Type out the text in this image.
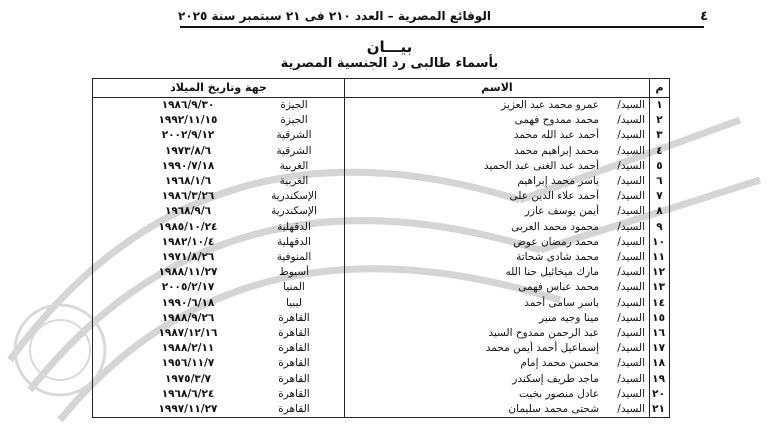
٤
الوقائع المصرية – العدد ٢١٠ فى ٢١ سبتمبر سنة ٢٠٢٥
بيـــان
بأسماء طالبى رد الجنسية المصرية
م	الاسم	جهة وتاريخ الميلاد
١	السيد/عمرو محمد عبد العزيز	الجيزة١٩٨٦/٩/٣٠
٢	السيد/محمد ممدوح فهمى	الجيزة١٩٩٢/١١/١٥
٣	السيد/أحمد عبد الله محمد	الشرقية٢٠٠٢/٩/١٢
٤	السيد/محمد إبراهيم محمد	الشرقية١٩٧٣/٨/٦
٥	السيد/أحمد عبد الغنى عبد الحميد	الغربية١٩٩٠/٧/١٨
٦	السيد/ياسر محمد إبراهيم	الغربية١٩٦٨/١/٦
٧	السيد/أحمد علاء الدين على	الإسكندرية١٩٨٦/٣/٢٦
٨	السيد/أيمن يوسف عازر	الإسكندرية١٩٦٨/٩/٦
٩	السيد/محمود محمد العربى	الدقهلية١٩٨٥/١٠/٢٤
١٠	السيد/محمد رمضان عوض	الدقهلية١٩٨٢/١٠/٤
١١	السيد/محمد شادى شحاتة	المنوفية١٩٧١/٨/٢٦
١٢	السيد/مارك ميخائيل حنا الله	أسيوط١٩٨٨/١١/٢٧
١٣	السيد/محمد عباس فهمى	المنيا٢٠٠٥/٢/١٧
١٤	السيد/ياسر سامى أحمد	ليبيا١٩٩٠/٦/١٨
١٥	السيد/مينا وجيه منير	القاهرة١٩٨٨/٩/٢٦
١٦	السيد/عبد الرحمن ممدوح السيد	القاهرة١٩٨٧/١٢/١٦
١٧	السيد/إسماعيل أحمد أيمن محمد	القاهرة١٩٨٨/٢/١١
١٨	السيد/محسن محمد إمام	القاهرة١٩٥٦/١١/٧
١٩	السيد/ماجد طريف إسكندر	القاهرة١٩٧٥/٣/٧
٢٠	السيد/عادل منصور بخيت	القاهرة١٩٦٨/٦/٢٤
٢١	السيد/شحتى محمد سليمان	القاهرة١٩٩٧/١١/٢٧
